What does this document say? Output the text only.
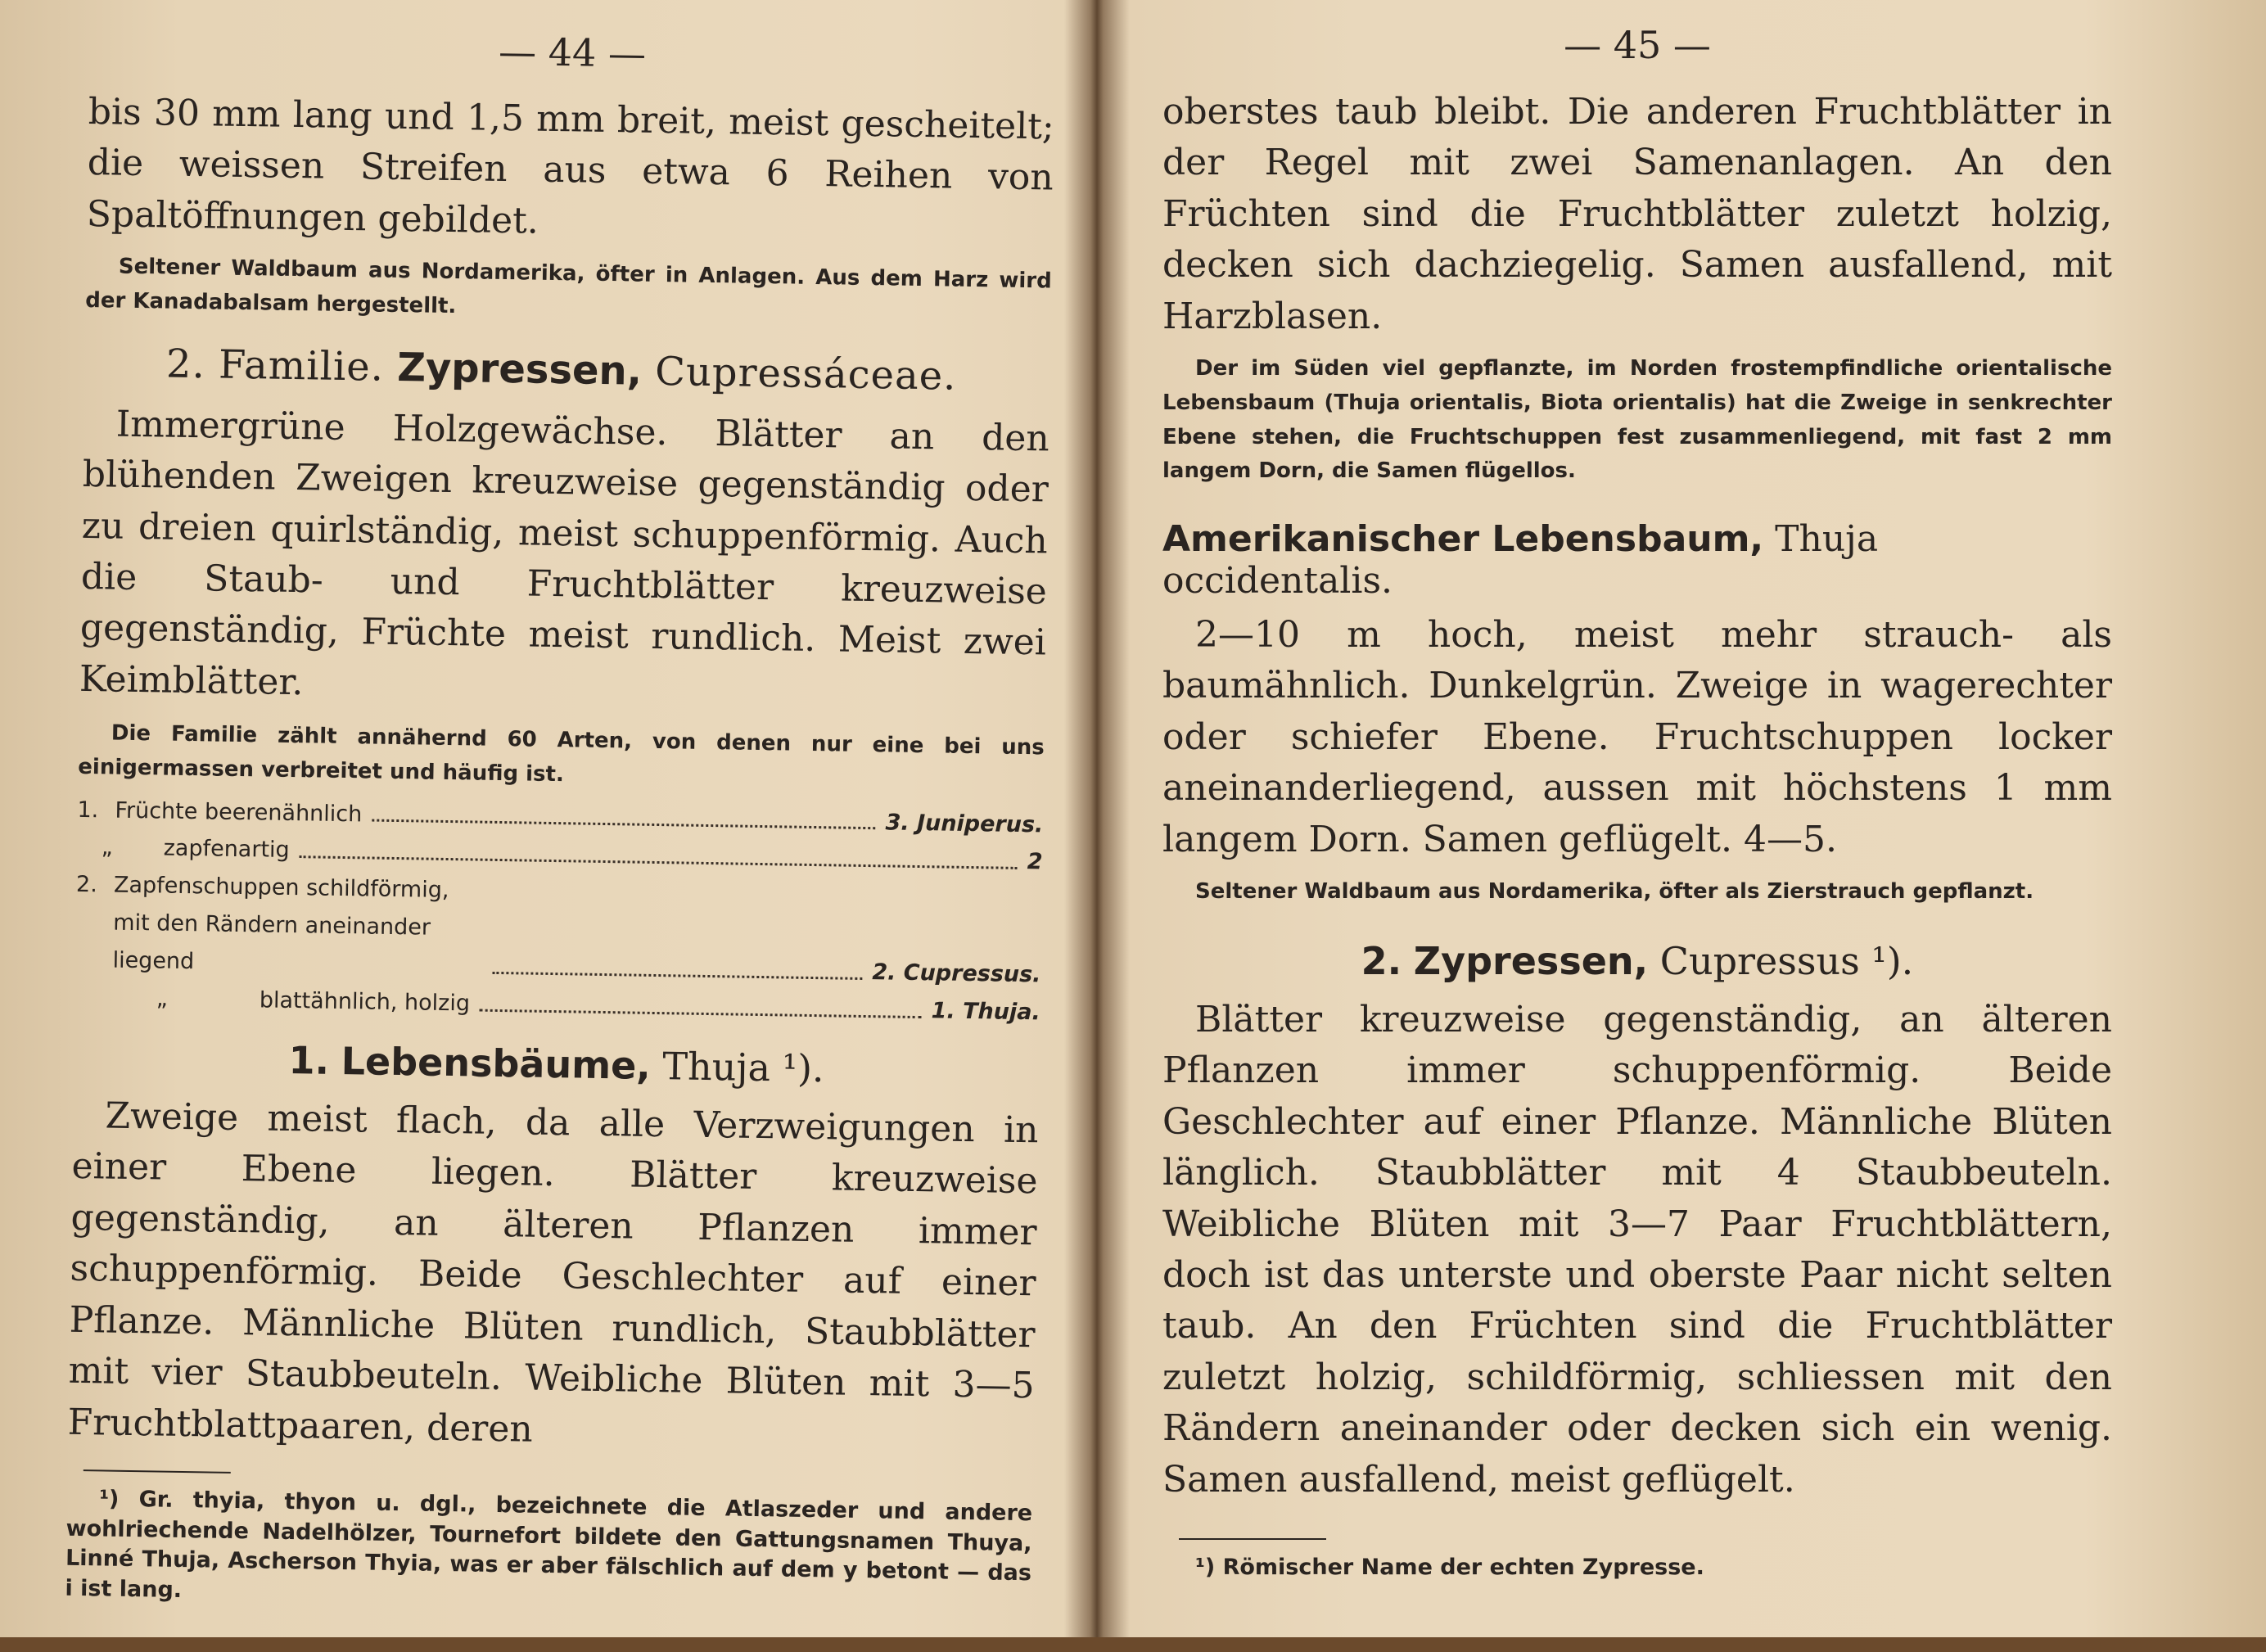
— 44 —

bis 30 mm lang und 1,5 mm breit, meist gescheitelt; die weissen Streifen aus etwa 6 Reihen von Spaltöffnungen gebildet.

Seltener Waldbaum aus Nordamerika, öfter in Anlagen. Aus dem Harz wird der Kanadabalsam hergestellt.

2. Familie. Zypressen, Cupressáceae.

Immergrüne Holzgewächse. Blätter an den blühenden Zweigen kreuzweise gegenständig oder zu dreien quirlständig, meist schuppenförmig. Auch die Staub- und Fruchtblätter kreuzweise gegenständig, Früchte meist rundlich. Meist zwei Keimblätter.

Die Familie zählt annähernd 60 Arten, von denen nur eine bei uns einigermassen verbreitet und häufig ist.

1. Früchte beerenähnlich	3. Juniperus.
„	zapfenartig	2
2. Zapfenschuppen schildförmig, mit den Rändern aneinander liegend	2. Cupressus.
„	blattähnlich, holzig	1. Thuja.
1. Lebensbäume, Thuja ¹).

Zweige meist flach, da alle Verzweigungen in einer Ebene liegen. Blätter kreuzweise gegenständig, an älteren Pflanzen immer schuppenförmig. Beide Geschlechter auf einer Pflanze. Männliche Blüten rundlich, Staubblätter mit vier Staubbeuteln. Weibliche Blüten mit 3—5 Fruchtblattpaaren, deren

¹) Gr. thyia, thyon u. dgl., bezeichnete die Atlaszeder und andere wohlriechende Nadelhölzer, Tournefort bildete den Gattungsnamen Thuya, Linné Thuja, Ascherson Thyia, was er aber fälschlich auf dem y betont — das i ist lang.

— 45 —

oberstes taub bleibt. Die anderen Fruchtblätter in der Regel mit zwei Samenanlagen. An den Früchten sind die Fruchtblätter zuletzt holzig, decken sich dachziegelig. Samen ausfallend, mit Harzblasen.

Der im Süden viel gepflanzte, im Norden frostempfindliche orientalische Lebensbaum (Thuja orientalis, Biota orientalis) hat die Zweige in senkrechter Ebene stehen, die Fruchtschuppen fest zusammenliegend, mit fast 2 mm langem Dorn, die Samen flügellos.

Amerikanischer Lebensbaum, Thuja occidentalis.

2—10 m hoch, meist mehr strauch- als baumähnlich. Dunkelgrün. Zweige in wagerechter oder schiefer Ebene. Fruchtschuppen locker aneinanderliegend, aussen mit höchstens 1 mm langem Dorn. Samen geflügelt. 4—5.

Seltener Waldbaum aus Nordamerika, öfter als Zierstrauch gepflanzt.

2. Zypressen, Cupressus ¹).

Blätter kreuzweise gegenständig, an älteren Pflanzen immer schuppenförmig. Beide Geschlechter auf einer Pflanze. Männliche Blüten länglich. Staubblätter mit 4 Staubbeuteln. Weibliche Blüten mit 3—7 Paar Fruchtblättern, doch ist das unterste und oberste Paar nicht selten taub. An den Früchten sind die Fruchtblätter zuletzt holzig, schildförmig, schliessen mit den Rändern aneinander oder decken sich ein wenig. Samen ausfallend, meist geflügelt.

¹) Römischer Name der echten Zypresse.
